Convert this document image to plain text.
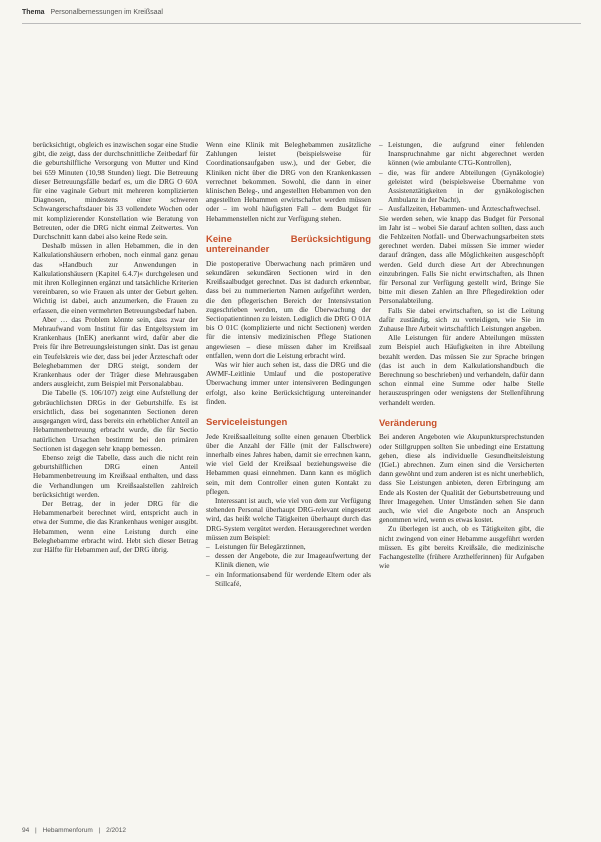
Thema Personalbemessungen im Kreißsaal

berücksichtigt, obgleich es inzwischen sogar eine Studie gibt, die zeigt, dass der durchschnittliche Zeitbedarf für die geburtshilfliche Versorgung von Mutter und Kind bei 659 Minuten (10,98 Stunden) liegt. Die Betreuung dieser Betreuungsfälle bedarf es, um die DRG O 60A für eine vaginale Geburt mit mehreren komplizierten Diagnosen, mindestens einer schweren Schwangerschaftsdauer bis 33 vollendete Wochen oder mit komplizierender Konstellation wie Beratung von Betreuten, oder die DRG nicht einmal Zeitwertes. Von Durchschnitt kann dabei also keine Rede sein.

Deshalb müssen in allen Hebammen, die in den Kalkulationshäusern erhoben, noch einmal ganz genau das »Handbuch zur Anwendungen in Kalkulationshäusern (Kapitel 6.4.7)« durchgelesen und mit ihren Kolleginnen ergänzt und tatsächliche Kriterien vereinbaren, so wie Frauen als unter der Geburt gelten. Wichtig ist dabei, auch anzumerken, die Frauen zu erfassen, die einen vermehrten Betreuungsbedarf haben.

Aber … das Problem könnte sein, dass zwar der Mehraufwand vom Institut für das Entgeltsystem im Krankenhaus (InEK) anerkannt wird, dafür aber die Preis für ihre Betreuungsleistungen sinkt. Das ist genau ein Teufelskreis wie der, dass bei jeder Ärzteschaft oder Beleghebammen der DRG steigt, sondern der Krankenhaus oder der Träger diese Mehrausgaben anders ausgleicht, zum Beispiel mit Personalabbau.

Die Tabelle (S. 106/107) zeigt eine Aufstellung der gebräuchlichsten DRGs in der Geburtshilfe. Es ist ersichtlich, dass bei sogenannten Sectionen deren ausgegangen wird, dass bereits ein erheblicher Anteil an Hebammenbetreuung erbracht wurde, die für Sectio natürlichen Ursachen bestimmt bei den primären Sectionen ist dagegen sehr knapp bemessen.

Ebenso zeigt die Tabelle, dass auch die nicht rein geburtshilflichen DRG einen Anteil Hebammenbetreuung im Kreißsaal enthalten, und dass die Verhandlungen um Kreißsaalstellen zahlreich berücksichtigt werden.

Der Betrag, der in jeder DRG für die Hebammenarbeit berechnet wird, entspricht auch in etwa der Summe, die das Krankenhaus weniger ausgibt. Hebammen, wenn eine Leistung durch eine Beleghebamme erbracht wird. Hebt sich dieser Betrag zur Hälfte für Hebammen auf, der DRG übrig.

Wenn eine Klinik mit Beleghebammen zusätzliche Zahlungen leistet (beispielsweise für Coordinationsaufgaben usw.), und der Geber, die Kliniken nicht über die DRG von den Krankenkassen verrechnet bekommen. Sowohl, die dann in einer klinischen Beleg-, und angestellten Hebammen von den angestellten Hebammen erwirtschaftet werden müssen oder – im wohl häufigsten Fall – dem Budget für Hebammenstellen nicht zur Verfügung stehen.

Keine Berücksichtigung untereinander

Die postoperative Überwachung nach primären und sekundären sekundären Sectionen wird in den Kreißsaalbudget gerechnet. Das ist dadurch erkennbar, dass bei zu nummerierten Namen aufgeführt werden, die den pflegerischen Bereich der Intensivstation zugeschrieben werden, um die Überwachung der Sectiopatientinnen zu leisten. Lediglich die DRG O 01A bis O 01C (komplizierte und nicht Sectionen) werden für die intensiv medizinischen Pflege Stationen angewiesen – diese müssen daher im Kreißsaal entfallen, wenn dort die Leistung erbracht wird.

Was wir hier auch sehen ist, dass die DRG und die AWMF-Leitlinie Umlauf und die postoperative Überwachung immer unter intensiveren Bedingungen erfolgt, also keine Berücksichtigung untereinander finden.

Serviceleistungen

Jede Kreißsaalleitung sollte einen genauen Überblick über die Anzahl der Fälle (mit der Fallschwere) innerhalb eines Jahres haben, damit sie errechnen kann, wie viel Geld der Kreißsaal beziehungsweise die Hebammen quasi einnehmen. Dann kann es möglich sein, mit dem Controller einen guten Kontakt zu pflegen.

Interessant ist auch, wie viel von dem zur Verfügung stehenden Personal überhaupt DRG-relevant eingesetzt wird, das heißt welche Tätigkeiten überhaupt durch das DRG-System vergütet werden. Herausgerechnet werden müssen zum Beispiel:

– Leistungen für Belegärztinnen,
– dessen der Angebote, die zur Imageaufwertung der Klinik dienen, wie
– ein Informationsabend für werdende Eltern oder als Stillcafé,
– Leistungen, die aufgrund einer fehlenden Inanspruchnahme gar nicht abgerechnet werden können (wie ambulante CTG-Kontrollen),
– die, was für andere Abteilungen (Gynäkologie) geleistet wird (beispielsweise Übernahme von Assistenztätigkeiten in der gynäkologischen Ambulanz in der Nacht),
– Ausfallzeiten, Hebammen- und Ärzteschaftwechsel.

Sie werden sehen, wie knapp das Budget für Personal im Jahr ist – wobei Sie darauf achten sollten, dass auch die Fehlzeiten Notfall- und Überwachungsarbeiten stets gerechnet werden. Dabei müssen Sie immer wieder darauf drängen, dass alle Möglichkeiten ausgeschöpft werden. Geld durch diese Art der Abrechnungen einzubringen. Falls Sie nicht erwirtschaften, als Ihnen für Personal zur Verfügung gestellt wird, Bringe Sie bitte mit diesen Zahlen an Ihre Pflegedirektion oder Personalabteilung.

Falls Sie dabei erwirtschaften, so ist die Leitung dafür zuständig, sich zu verteidigen, wie Sie im Zuhause Ihre Arbeit wirtschaftlich Leistungen angeben.

Alle Leistungen für andere Abteilungen müssten zum Beispiel auch Häufigkeiten in ihre Abteilung bezahlt werden. Das müssen Sie zur Sprache bringen (das ist auch in dem Kalkulationshandbuch die Berechnung so beschrieben) und verhandeln, dafür dann schon einmal eine Summe oder halbe Stelle herauszuspringen oder wenigstens der Stellenführung verhandelt werden.

Veränderung

Bei anderen Angeboten wie Akupunktursprechstunden oder Stillgruppen sollten Sie unbedingt eine Erstattung gehen, diese als individuelle Gesundheitsleistung (IGeL) abrechnen. Zum einen sind die Versicherten dann gewöhnt und zum anderen ist es nicht unerheblich, dass Sie Leistungen anbieten, deren Erbringung am Ende als Kosten der Qualität der Geburtsbetreuung und Ihrer Imagegehen. Unter Umständen sehen Sie dann auch, wie viel die Angebote noch an Anspruch genommen wird, wenn es etwas kostet.

Zu überlegen ist auch, ob es Tätigkeiten gibt, die nicht zwingend von einer Hebamme ausgeführt werden müssen. Es gibt bereits Kreißsäle, die medizinische Fachangestellte (frühere Arzthelferinnen) für Aufgaben wie

94 | Hebammenforum | 2/2012
